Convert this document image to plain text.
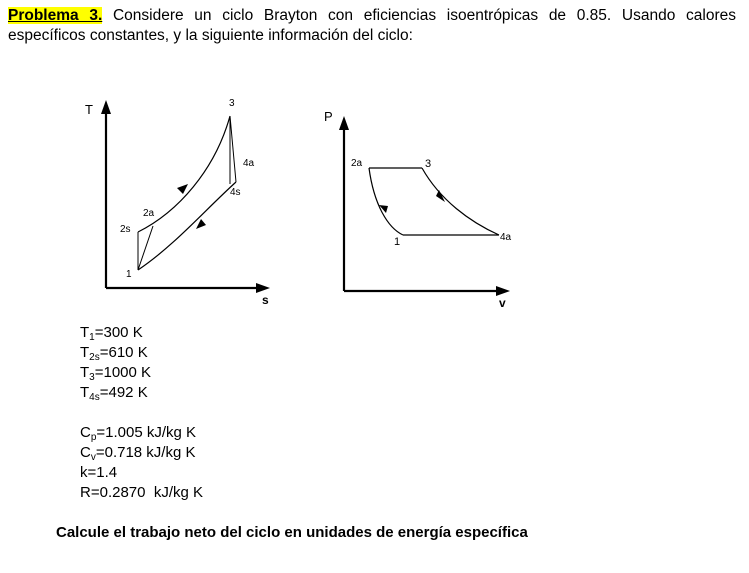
Problema 3. Considere un ciclo Brayton con eficiencias isoentrópicas de 0.85. Usando calores específicos constantes, y la siguiente información del ciclo:
T
s
1
2s
2a
3
4a
4s
P
v
1
2a	3
4a
$T_1=300$ K
$T_{2s}=610$ K
$T_3=1000$ K
$T_{4s}=492$ K
$C_p=1.005$ kJ/kg K
$C_v=0.718$ kJ/kg K
k=1.4
R=0.2870  kJ/kg K
Calcule el trabajo neto del ciclo en unidades de energía específica
